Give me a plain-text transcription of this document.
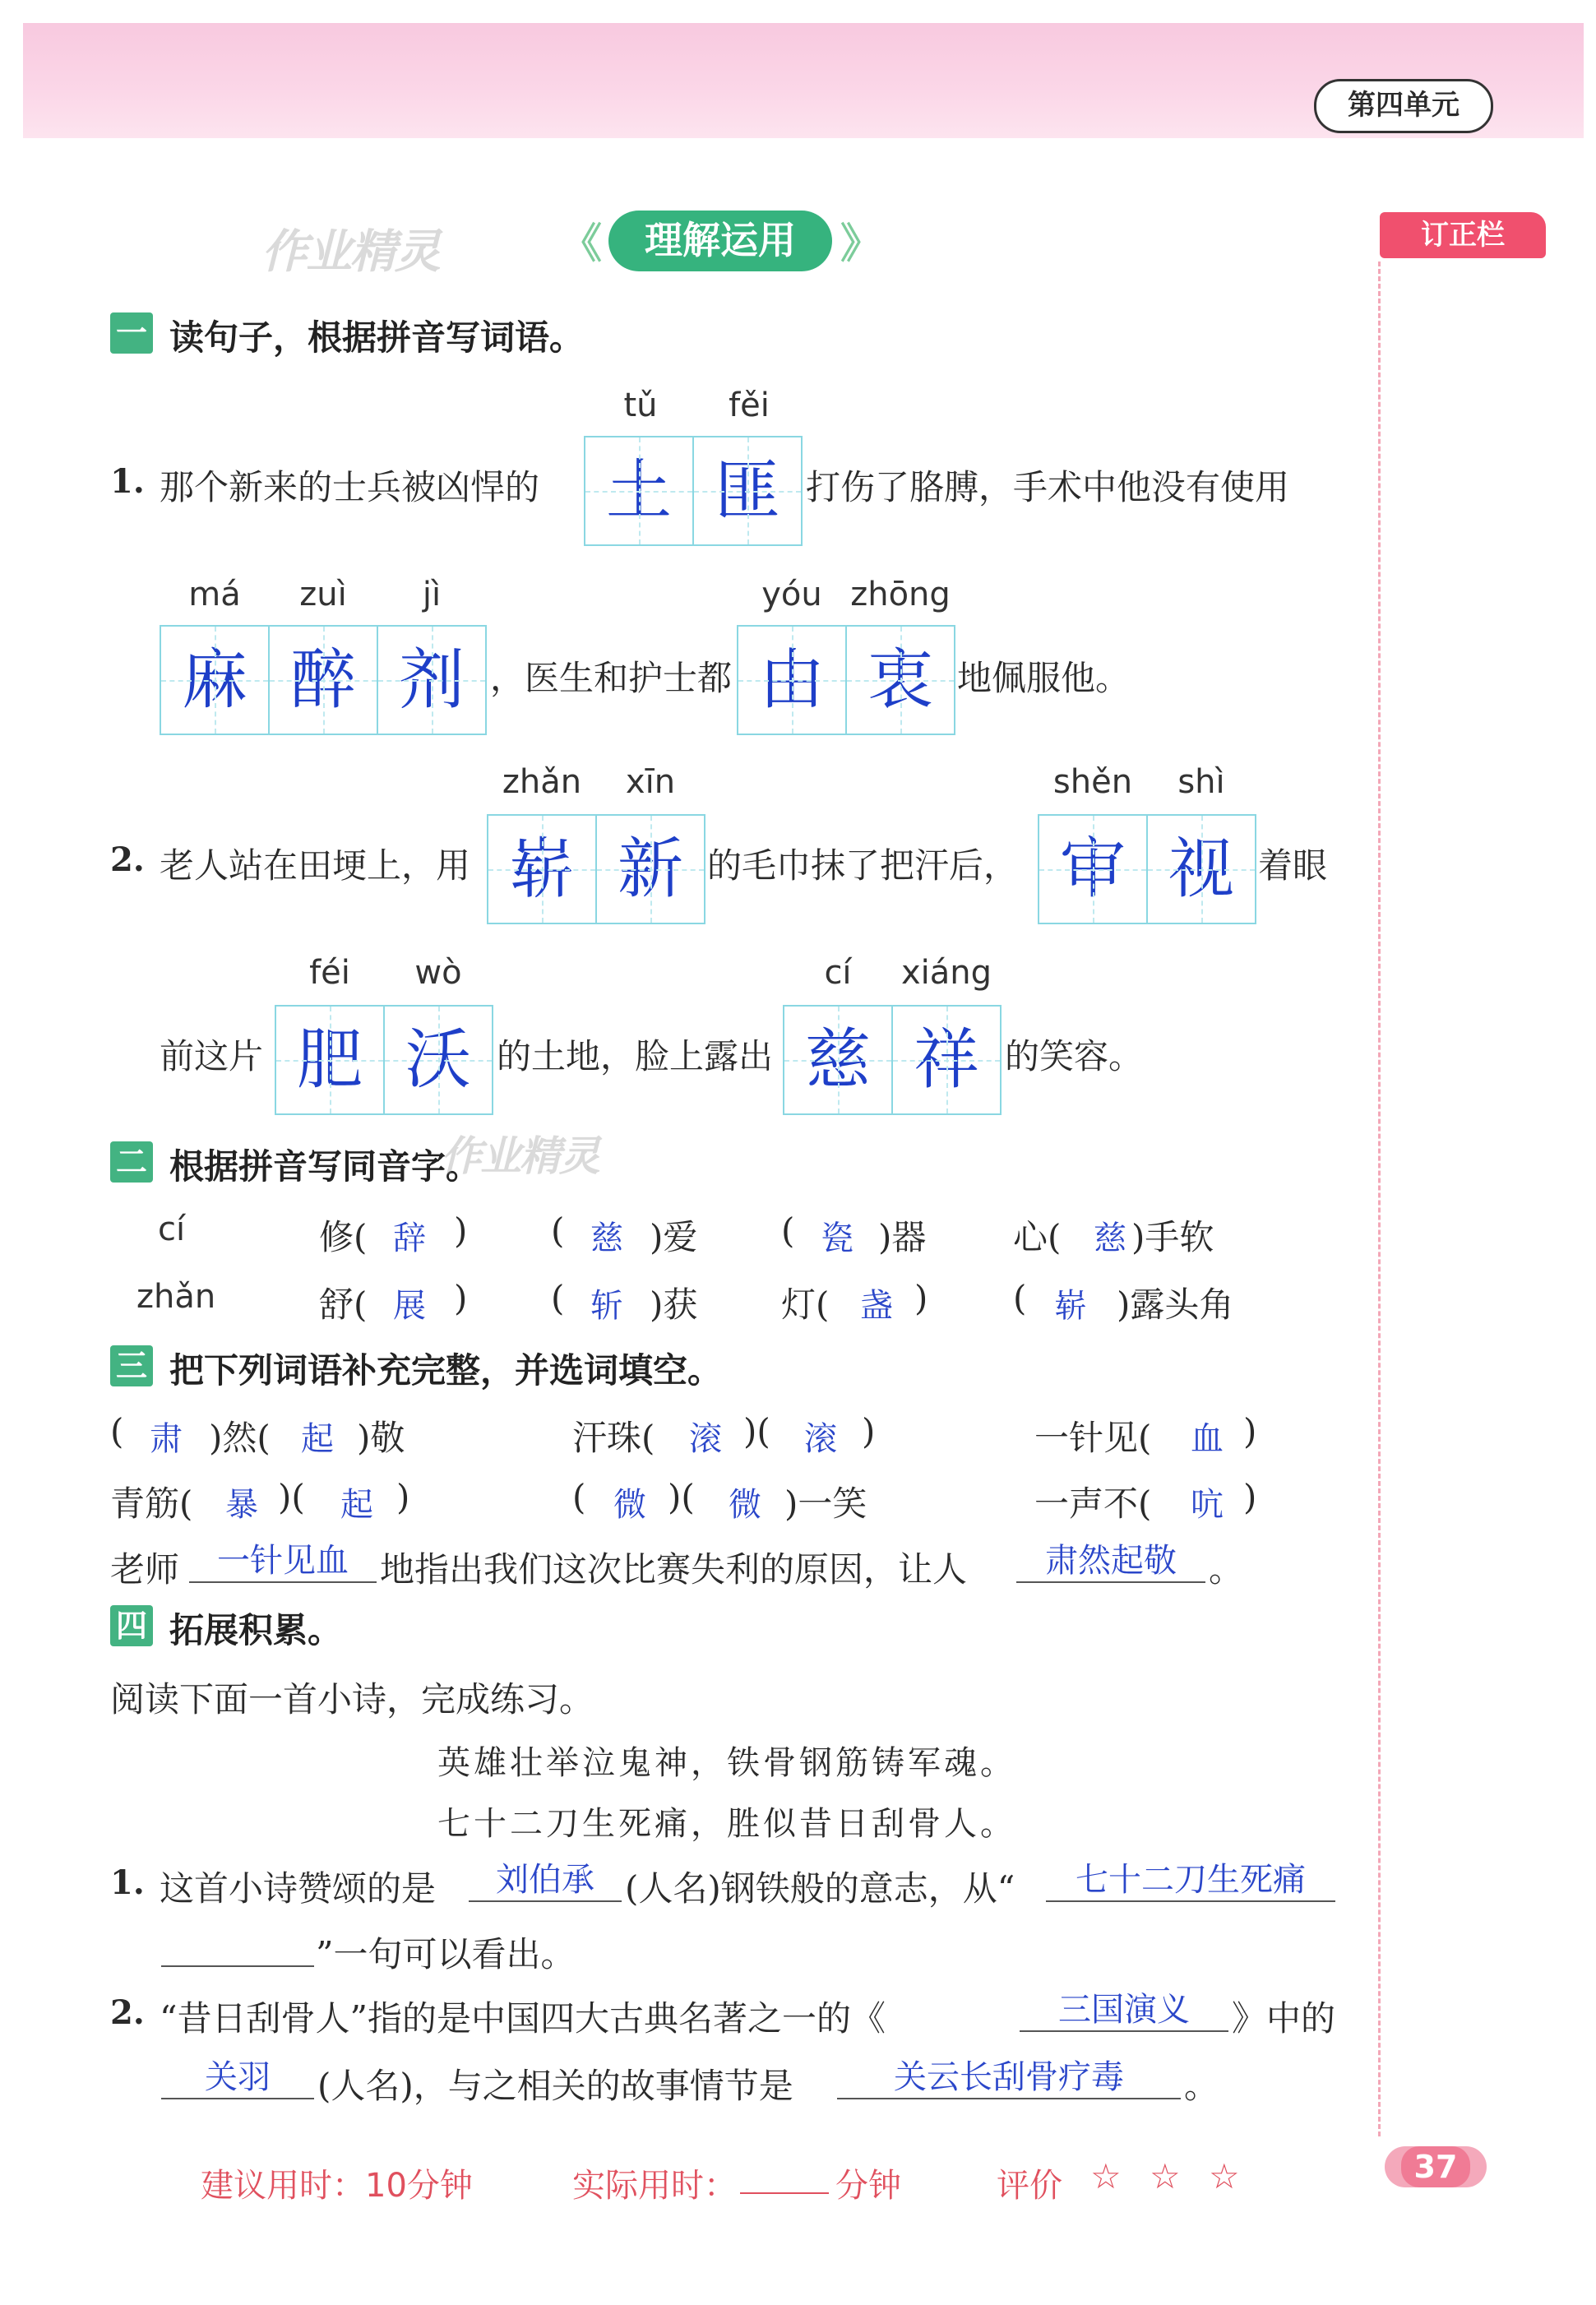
第四单元
订正栏
作业精灵	《	理解运用	》
一 读句子，根据拼音写词语。
1. 那个新来的士兵被凶悍的
tǔ	fěi
土 匪 打伤了胳膊，手术中他没有使用
má	zuì	jì
麻 醉 剂 ，医生和护士都
yóu zhōng
由 衷 地佩服他。
2. 老人站在田埂上，用
zhǎn	xīn
崭 新 的毛巾抹了把汗后，
shěn	shì
审 视 着眼
前这片
féi	wò
肥 沃 的土地，脸上露出
cí	xiáng
慈 祥 的笑容。
二 根据拼音写同音字。
作业精灵
cí	修( 辞 ) ( 慈 )爱 ( 瓷 )器	心( 慈 )手软
zhǎn	舒( 展 ) ( 斩 )获 灯( 盏 ) ( 崭 )露头角
三 把下列词语补充完整，并选词填空。
( 肃 )然( 起 )敬	汗珠( 滚 )( 滚 )	一针见( 血 )
青筋( 暴 )( 起 )	( 微 )( 微 )一笑	一声不( 吭 )
老师	一针见血 地指出我们这次比赛失利的原因，让人	肃然起敬 。
四 拓展积累。
阅读下面一首小诗，完成练习。
英雄壮举泣鬼神，铁骨钢筋铸军魂。
七十二刀生死痛，胜似昔日刮骨人。
1. 这首小诗赞颂的是	刘伯承 (人名)钢铁般的意志，从“	七十二刀生死痛
”一句可以看出。
2. “昔日刮骨人”指的是中国四大古典名著之一的《	三国演义	》中的
关羽	(人名)，与之相关的故事情节是	关云长刮骨疗毒	。
建议用时：10分钟	实际用时：	分钟	评价 ☆ ☆ ☆	37
